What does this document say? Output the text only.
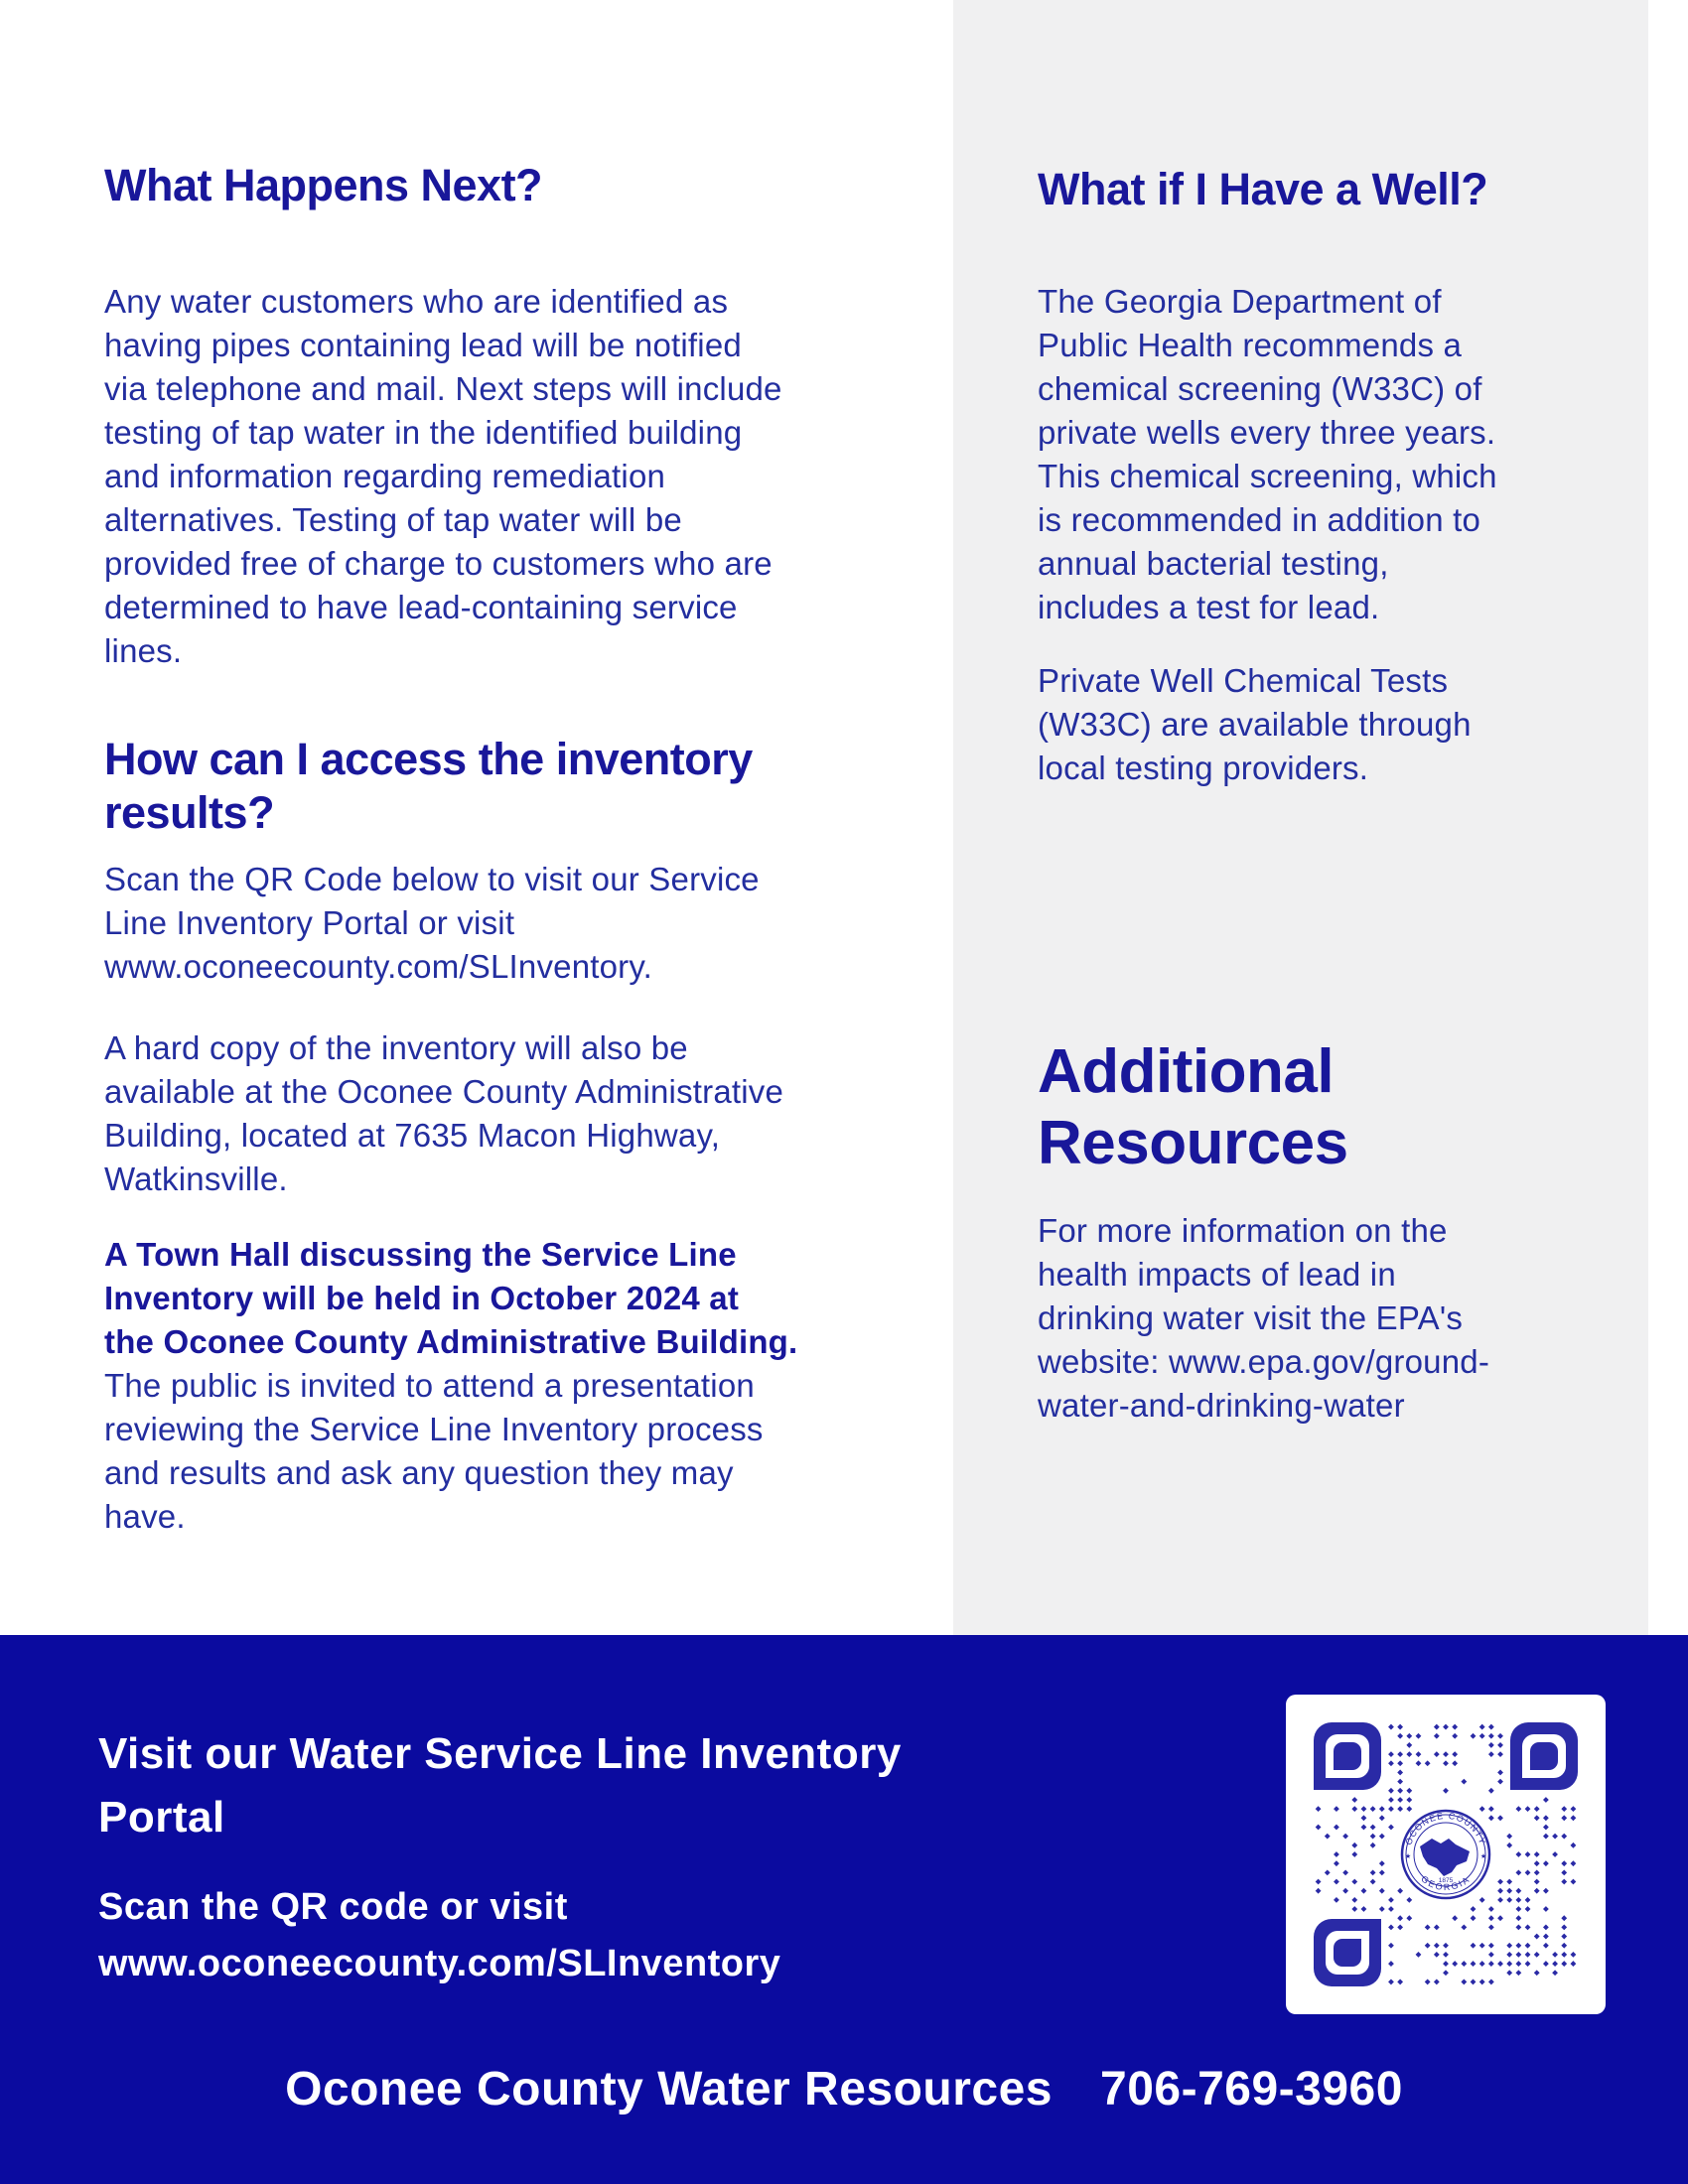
What Happens Next?
Any water customers who are identified as
having pipes containing lead will be notified
via telephone and mail. Next steps will include
testing of tap water in the identified building
and information regarding remediation
alternatives. Testing of tap water will be
provided free of charge to customers who are
determined to have lead-containing service
lines.
How can I access the inventory
results?
Scan the QR Code below to visit our Service
Line Inventory Portal or visit
www.oconeecounty.com/SLInventory.
A hard copy of the inventory will also be
available at the Oconee County Administrative
Building, located at 7635 Macon Highway,
Watkinsville.
A Town Hall discussing the Service Line
Inventory will be held in October 2024 at
the Oconee County Administrative Building.
The public is invited to attend a presentation
reviewing the Service Line Inventory process
and results and ask any question they may
have.
What if I Have a Well?
The Georgia Department of
Public Health recommends a
chemical screening (W33C) of
private wells every three years.
This chemical screening, which
is recommended in addition to
annual bacterial testing,
includes a test for lead.
Private Well Chemical Tests
(W33C) are available through
local testing providers.
Additional
Resources
For more information on the
health impacts of lead in
drinking water visit the EPA's
website: www.epa.gov/ground-
water-and-drinking-water
Visit our Water Service Line Inventory
Portal
Scan the QR code or visit
www.oconeecounty.com/SLInventory
Oconee County Water Resources 706-769-3960
OCONEE COUNTY
GEORGIA
★	★
1875
